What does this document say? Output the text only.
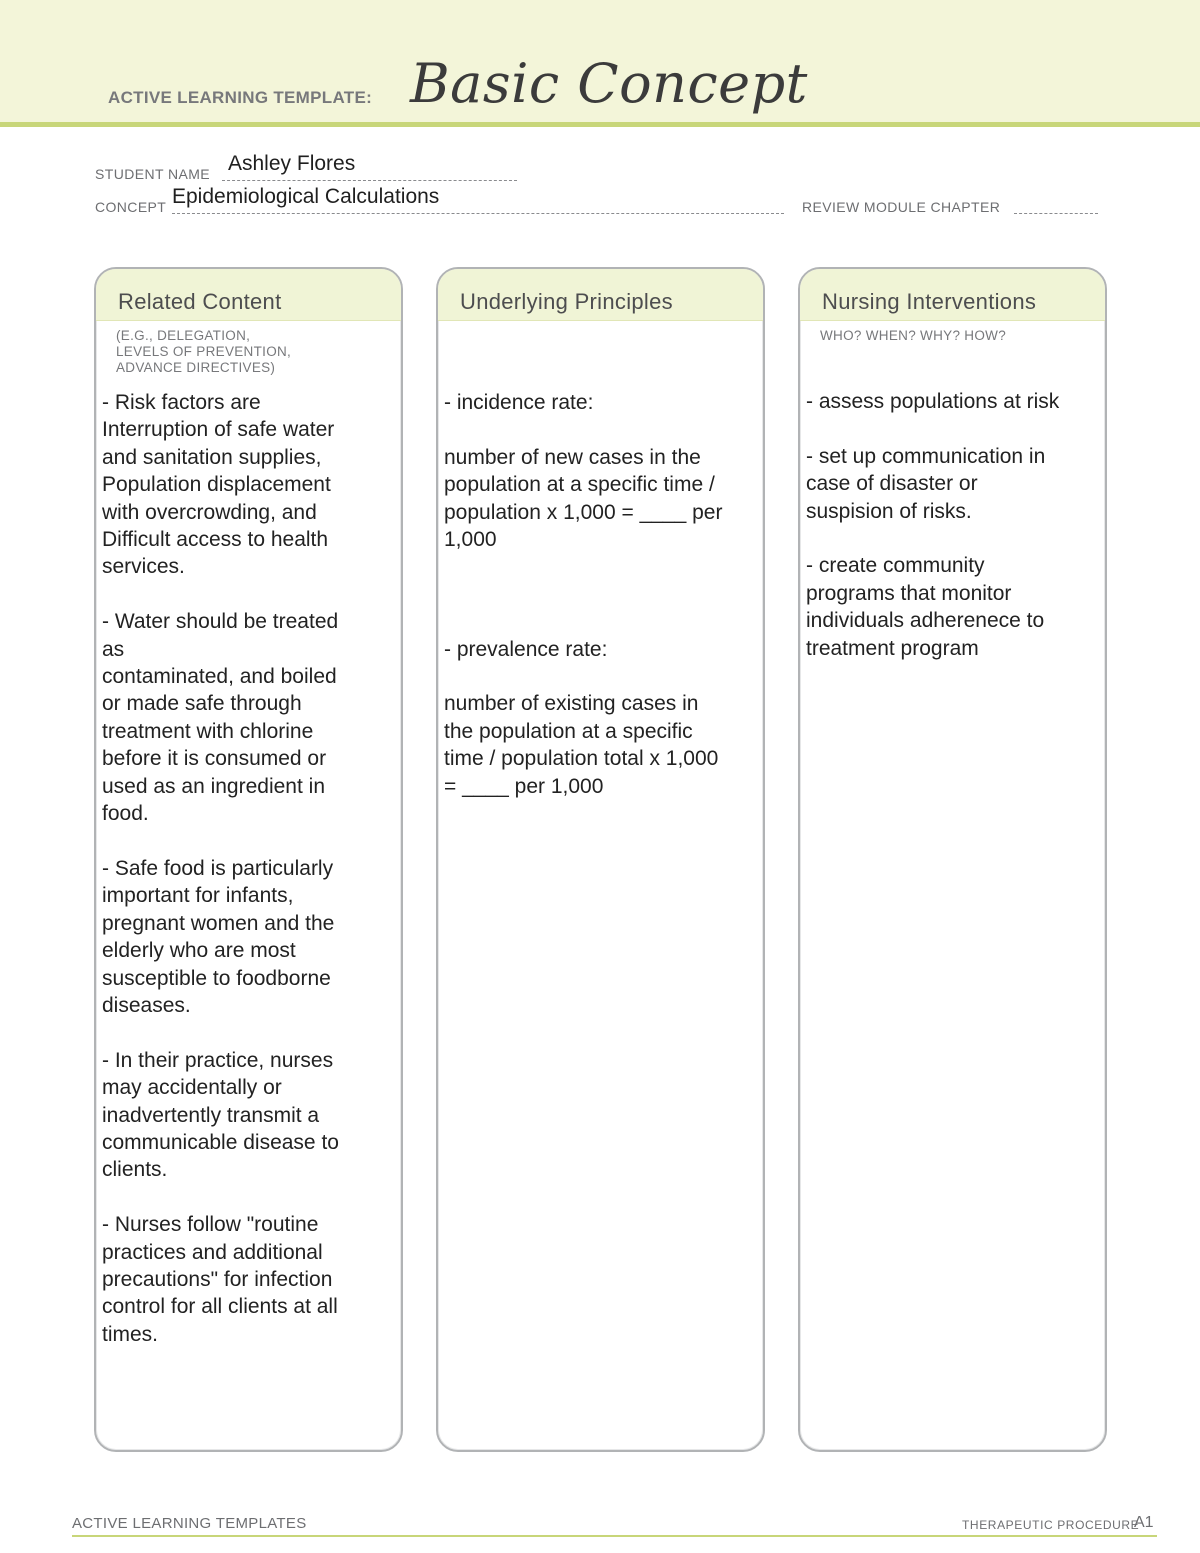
ACTIVE LEARNING TEMPLATE: Basic Concept
STUDENT NAME Ashley Flores
CONCEPT Epidemiological Calculations	REVIEW MODULE CHAPTER
Related Content
(E.G., DELEGATION,
LEVELS OF PREVENTION,
ADVANCE DIRECTIVES)
- Risk factors are
Interruption of safe water
and sanitation supplies,
Population displacement
with overcrowding, and
Difficult access to health
services.
- Water should be treated
as
contaminated, and boiled
or made safe through
treatment with chlorine
before it is consumed or
used as an ingredient in
food.
- Safe food is particularly
important for infants,
pregnant women and the
elderly who are most
susceptible to foodborne
diseases.
- In their practice, nurses
may accidentally or
inadvertently transmit a
communicable disease to
clients.
- Nurses follow "routine
practices and additional
precautions" for infection
control for all clients at all
times.
Underlying Principles
- incidence rate:
number of new cases in the
population at a specific time /
population x 1,000 = ____ per
1,000

- prevalence rate:
number of existing cases in
the population at a specific
time / population total x 1,000
= ____ per 1,000
Nursing Interventions
WHO? WHEN? WHY? HOW?
- assess populations at risk
- set up communication in
case of disaster or
suspision of risks.
- create community
programs that monitor
individuals adherenece to
treatment program
ACTIVE LEARNING TEMPLATES	THERAPEUTIC PROCEDURE
A1
